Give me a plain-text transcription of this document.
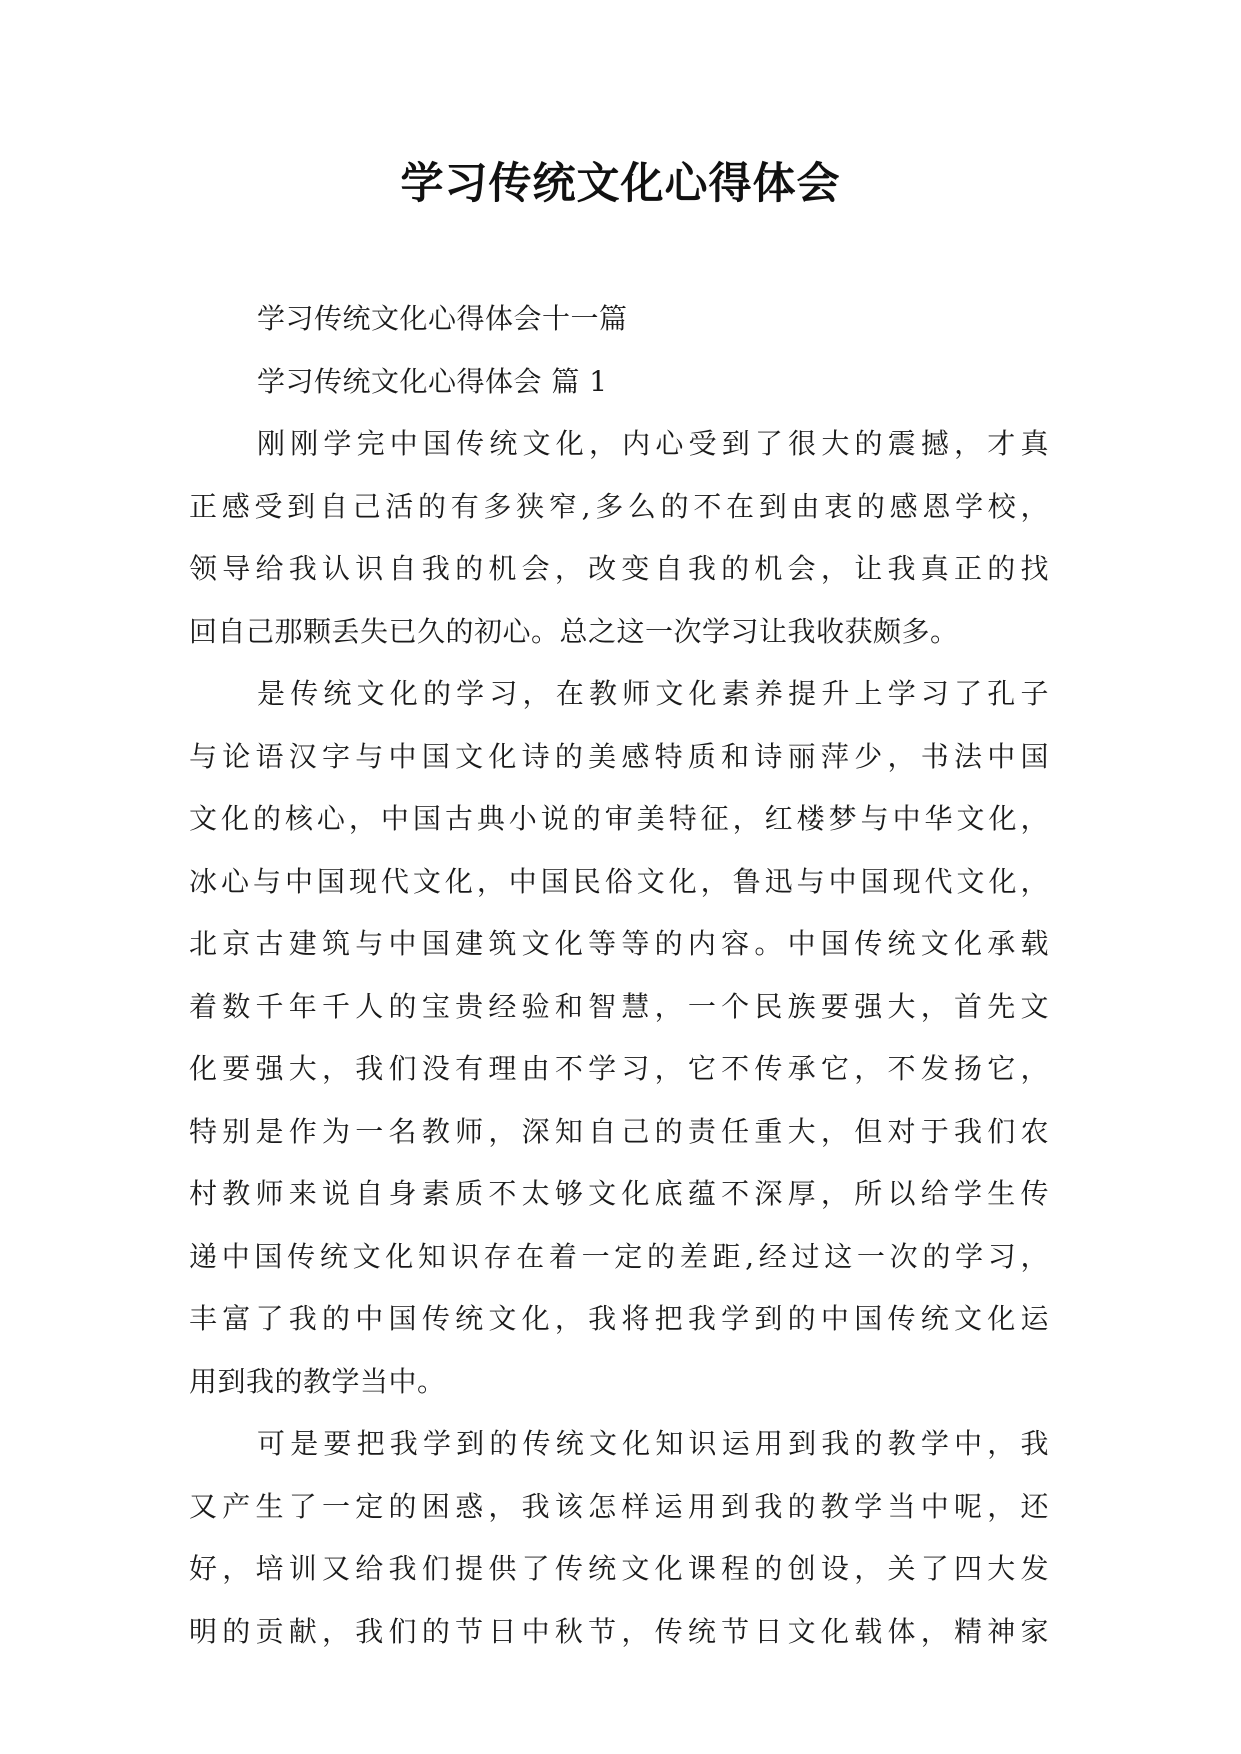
学习传统文化心得体会
学习传统文化心得体会十一篇
学习传统文化心得体会 篇 1
刚刚学完中国传统文化，内心受到了很大的震撼，才真
正感受到自己活的有多狭窄,多么的不在到由衷的感恩学校，
领导给我认识自我的机会，改变自我的机会，让我真正的找
回自己那颗丢失已久的初心。总之这一次学习让我收获颇多。
是传统文化的学习，在教师文化素养提升上学习了孔子
与论语汉字与中国文化诗的美感特质和诗丽萍少，书法中国
文化的核心，中国古典小说的审美特征，红楼梦与中华文化，
冰心与中国现代文化，中国民俗文化，鲁迅与中国现代文化，
北京古建筑与中国建筑文化等等的内容。中国传统文化承载
着数千年千人的宝贵经验和智慧，一个民族要强大，首先文
化要强大，我们没有理由不学习，它不传承它，不发扬它，
特别是作为一名教师，深知自己的责任重大，但对于我们农
村教师来说自身素质不太够文化底蕴不深厚，所以给学生传
递中国传统文化知识存在着一定的差距,经过这一次的学习，
丰富了我的中国传统文化，我将把我学到的中国传统文化运
用到我的教学当中。
可是要把我学到的传统文化知识运用到我的教学中，我
又产生了一定的困惑，我该怎样运用到我的教学当中呢，还
好，培训又给我们提供了传统文化课程的创设，关了四大发
明的贡献，我们的节日中秋节，传统节日文化载体，精神家
